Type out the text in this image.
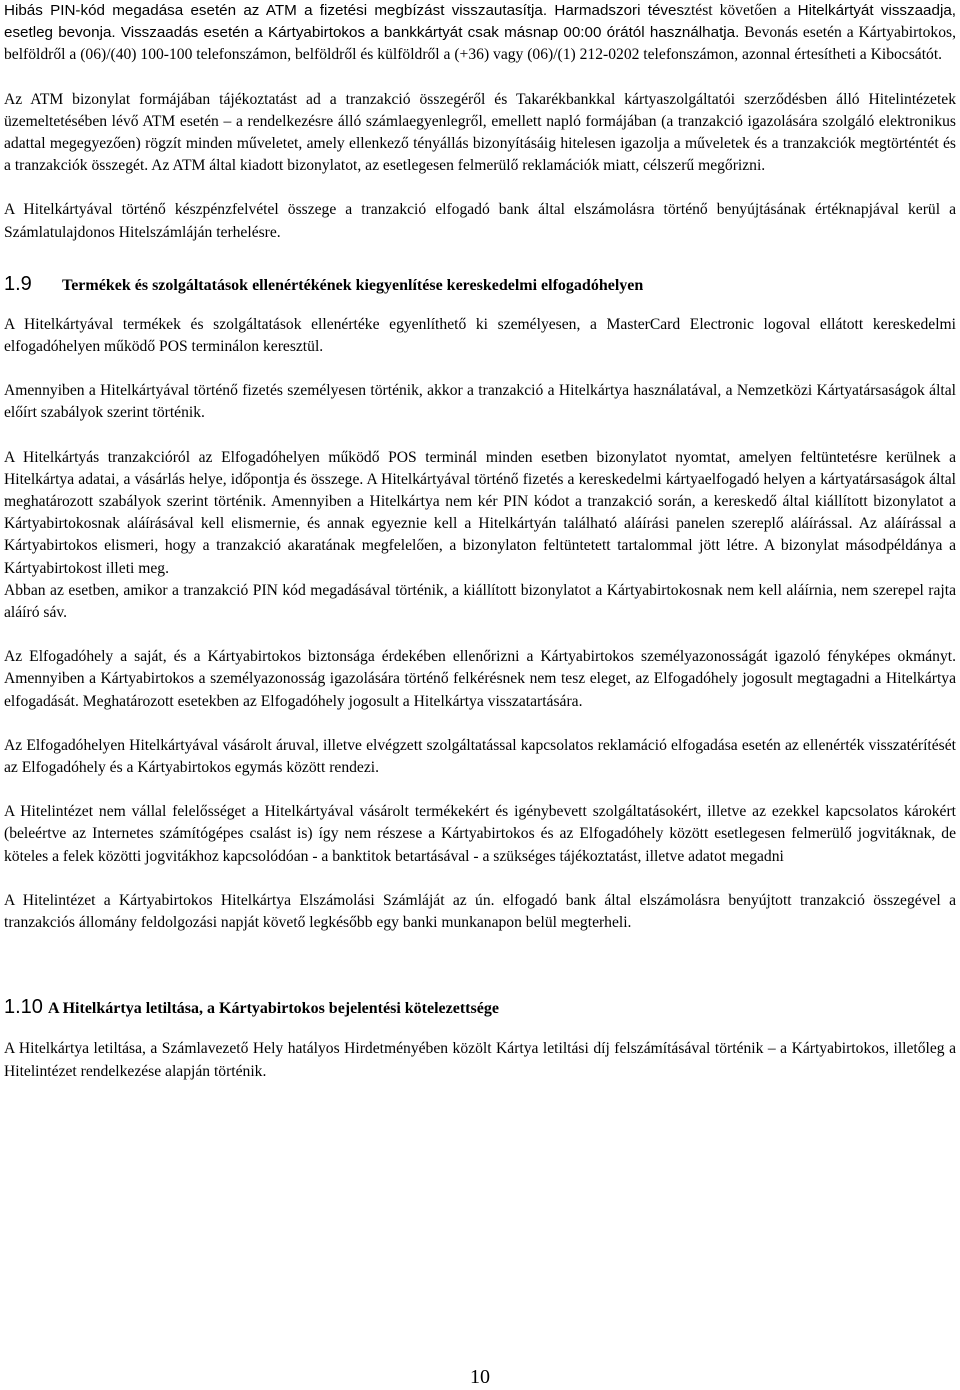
Hibás PIN-kód megadása esetén az ATM a fizetési megbízást visszautasítja. Harmadszori tévesztést követően a Hitelkártyát visszaadja, esetleg bevonja. Visszaadás esetén a Kártyabirtokos a bankkártyát csak másnap 00:00 órától használhatja. Bevonás esetén a Kártyabirtokos, belföldről a (06)/(40) 100-100 telefonszámon, belföldről és külföldről a (+36) vagy (06)/(1) 212-0202 telefonszámon, azonnal értesítheti a Kibocsátót.

Az ATM bizonylat formájában tájékoztatást ad a tranzakció összegéről és Takarékbankkal kártyaszolgáltatói szerződésben álló Hitelintézetek üzemeltetésében lévő ATM esetén – a rendelkezésre álló számlaegyenlegről, emellett napló formájában (a tranzakció igazolására szolgáló elektronikus adattal megegyezően) rögzít minden műveletet, amely ellenkező tényállás bizonyításáig hitelesen igazolja a műveletek és a tranzakciók megtörténtét és a tranzakciók összegét. Az ATM által kiadott bizonylatot, az esetlegesen felmerülő reklamációk miatt, célszerű megőrizni.

A Hitelkártyával történő készpénzfelvétel összege a tranzakció elfogadó bank által elszámolásra történő benyújtásának értéknapjával kerül a Számlatulajdonos Hitelszámláján terhelésre.

1.9	Termékek és szolgáltatások ellenértékének kiegyenlítése kereskedelmi elfogadóhelyen

A Hitelkártyával termékek és szolgáltatások ellenértéke egyenlíthető ki személyesen, a MasterCard Electronic logoval ellátott kereskedelmi elfogadóhelyen működő POS terminálon keresztül.

Amennyiben a Hitelkártyával történő fizetés személyesen történik, akkor a tranzakció a Hitelkártya használatával, a Nemzetközi Kártyatársaságok által előírt szabályok szerint történik.

A Hitelkártyás tranzakcióról az Elfogadóhelyen működő POS terminál minden esetben bizonylatot nyomtat, amelyen feltüntetésre kerülnek a Hitelkártya adatai, a vásárlás helye, időpontja és összege. A Hitelkártyával történő fizetés a kereskedelmi kártyaelfogadó helyen a kártyatársaságok által meghatározott szabályok szerint történik. Amennyiben a Hitelkártya nem kér PIN kódot a tranzakció során, a kereskedő által kiállított bizonylatot a Kártyabirtokosnak aláírásával kell elismernie, és annak egyeznie kell a Hitelkártyán található aláírási panelen szereplő aláírással. Az aláírással a Kártyabirtokos elismeri, hogy a tranzakció akaratának megfelelően, a bizonylaton feltüntetett tartalommal jött létre. A bizonylat másodpéldánya a Kártyabirtokost illeti meg.

Abban az esetben, amikor a tranzakció PIN kód megadásával történik, a kiállított bizonylatot a Kártyabirtokosnak nem kell aláírnia, nem szerepel rajta aláíró sáv.

Az Elfogadóhely a saját, és a Kártyabirtokos biztonsága érdekében ellenőrizni a Kártyabirtokos személyazonosságát igazoló fényképes okmányt. Amennyiben a Kártyabirtokos a személyazonosság igazolására történő felkérésnek nem tesz eleget, az Elfogadóhely jogosult megtagadni a Hitelkártya elfogadását. Meghatározott esetekben az Elfogadóhely jogosult a Hitelkártya visszatartására.

Az Elfogadóhelyen Hitelkártyával vásárolt áruval, illetve elvégzett szolgáltatással kapcsolatos reklamáció elfogadása esetén az ellenérték visszatérítését az Elfogadóhely és a Kártyabirtokos egymás között rendezi.

A Hitelintézet nem vállal felelősséget a Hitelkártyával vásárolt termékekért és igénybevett szolgáltatásokért, illetve az ezekkel kapcsolatos károkért (beleértve az Internetes számítógépes csalást is) így nem részese a Kártyabirtokos és az Elfogadóhely között esetlegesen felmerülő jogvitáknak, de köteles a felek közötti jogvitákhoz kapcsolódóan - a banktitok betartásával - a szükséges tájékoztatást, illetve adatot megadni

A Hitelintézet a Kártyabirtokos Hitelkártya Elszámolási Számláját az ún. elfogadó bank által elszámolásra benyújtott tranzakció összegével a tranzakciós állomány feldolgozási napját követő legkésőbb egy banki munkanapon belül megterheli.

1.10 A Hitelkártya letiltása, a Kártyabirtokos bejelentési kötelezettsége

A Hitelkártya letiltása, a Számlavezető Hely hatályos Hirdetményében közölt Kártya letiltási díj felszámításával történik – a Kártyabirtokos, illetőleg a Hitelintézet rendelkezése alapján történik.

10
